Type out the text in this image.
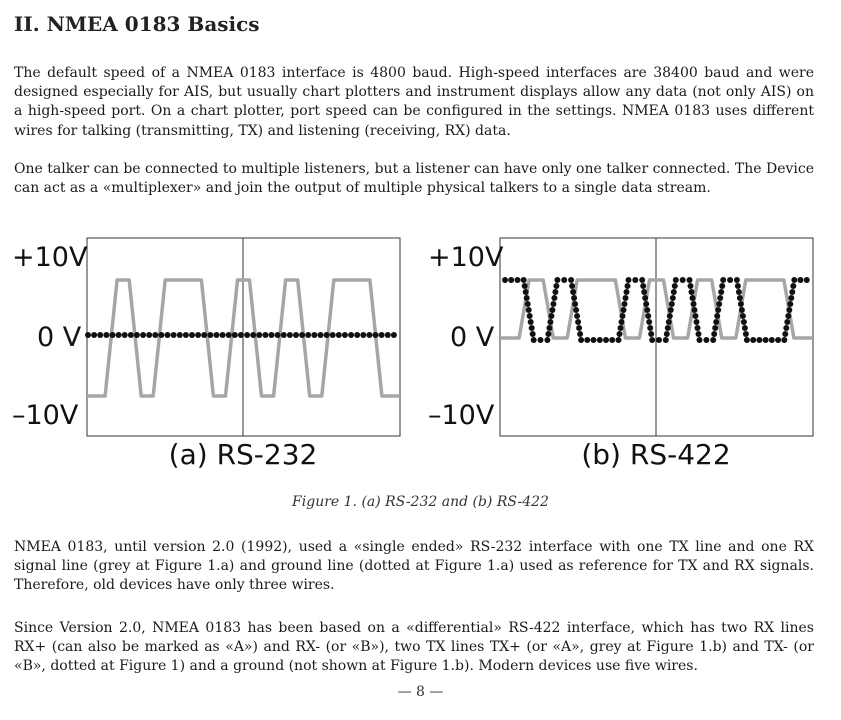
II. NMEA 0183 Basics

The default speed of a NMEA 0183 interface is 4800 baud. High-speed interfaces are 38400 baud and were designed especially for AIS, but usually chart plotters and instrument displays allow any data (not only AIS) on a high-speed port. On a chart plotter, port speed can be configured in the settings. NMEA 0183 uses different wires for talking (transmitting, TX) and listening (receiving, RX) data.

One talker can be connected to multiple listeners, but a listener can have only one talker connected. The Device can act as a «multiplexer» and join the output of multiple physical talkers to a single data stream.

+10V
0 V
–10V
(a) RS-232
+10V
0 V
–10V
(b) RS-422

Figure 1. (a) RS-232 and (b) RS-422

NMEA 0183, until version 2.0 (1992), used a «single ended» RS-232 interface with one TX line and one RX signal line (grey at Figure 1.a) and ground line (dotted at Figure 1.a) used as reference for TX and RX signals. Therefore, old devices have only three wires.

Since Version 2.0, NMEA 0183 has been based on a «differential» RS-422 interface, which has two RX lines RX+ (can also be marked as «A») and RX- (or «B»), two TX lines TX+ (or «A», grey at Figure 1.b) and TX- (or «B», dotted at Figure 1) and a ground (not shown at Figure 1.b). Modern devices use five wires.

— 8 —
